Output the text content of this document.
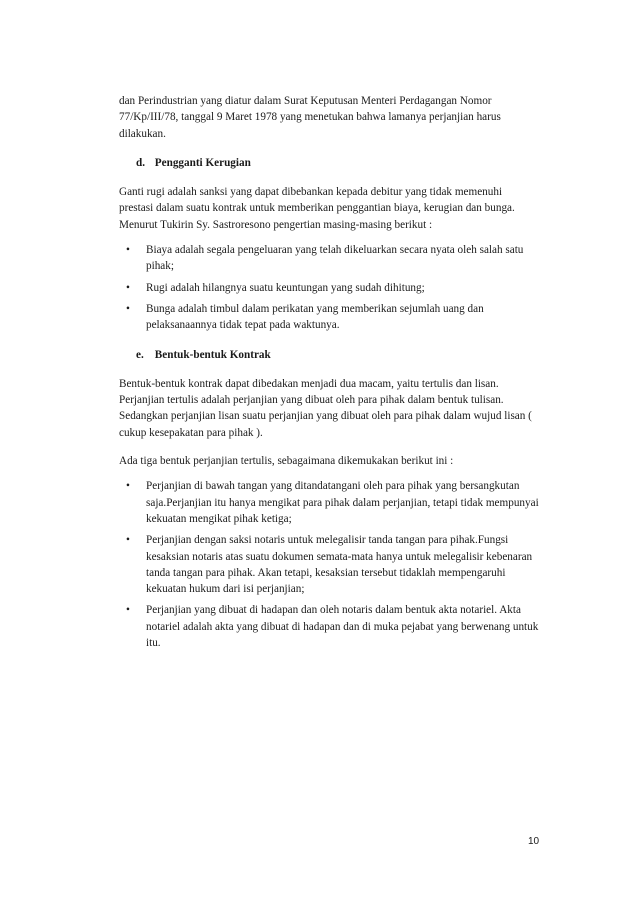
dan Perindustrian yang diatur dalam Surat Keputusan Menteri Perdagangan Nomor 77/Kp/III/78, tanggal 9 Maret 1978 yang menetukan bahwa lamanya perjanjian harus dilakukan.

d. Pengganti Kerugian

Ganti rugi adalah sanksi yang dapat dibebankan kepada debitur yang tidak memenuhi prestasi dalam suatu kontrak untuk memberikan penggantian biaya, kerugian dan bunga. Menurut Tukirin Sy. Sastroresono pengertian masing-masing berikut :

• Biaya adalah segala pengeluaran yang telah dikeluarkan secara nyata oleh salah satu pihak;
• Rugi adalah hilangnya suatu keuntungan yang sudah dihitung;
• Bunga adalah timbul dalam perikatan yang memberikan sejumlah uang dan pelaksanaannya tidak tepat pada waktunya.
e. Bentuk-bentuk Kontrak

Bentuk-bentuk kontrak dapat dibedakan menjadi dua macam, yaitu tertulis dan lisan. Perjanjian tertulis adalah perjanjian yang dibuat oleh para pihak dalam bentuk tulisan. Sedangkan perjanjian lisan suatu perjanjian yang dibuat oleh para pihak dalam wujud lisan ( cukup kesepakatan para pihak ).

Ada tiga bentuk perjanjian tertulis, sebagaimana dikemukakan berikut ini :

• Perjanjian di bawah tangan yang ditandatangani oleh para pihak yang bersangkutan saja.Perjanjian itu hanya mengikat para pihak dalam perjanjian, tetapi tidak mempunyai kekuatan mengikat pihak ketiga;
• Perjanjian dengan saksi notaris untuk melegalisir tanda tangan para pihak.Fungsi kesaksian notaris atas suatu dokumen semata-mata hanya untuk melegalisir kebenaran tanda tangan para pihak. Akan tetapi, kesaksian tersebut tidaklah mempengaruhi kekuatan hukum dari isi perjanjian;
• Perjanjian yang dibuat di hadapan dan oleh notaris dalam bentuk akta notariel. Akta notariel adalah akta yang dibuat di hadapan dan di muka pejabat yang berwenang untuk itu.
10
